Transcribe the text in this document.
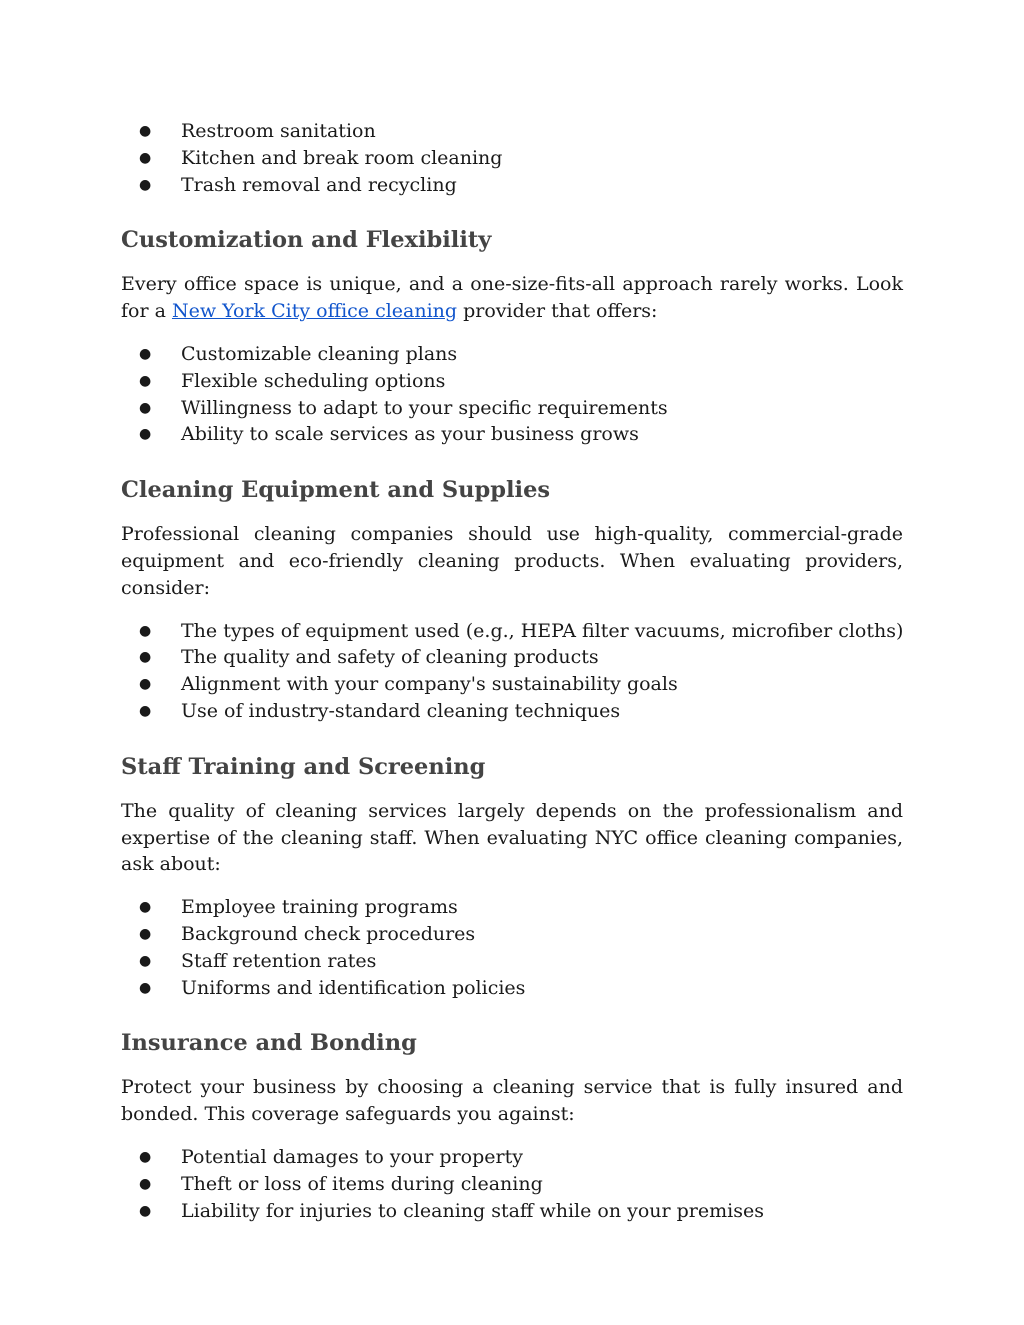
● Restroom sanitation
● Kitchen and break room cleaning
● Trash removal and recycling
Customization and Flexibility

Every office space is unique, and a one-size-fits-all approach rarely works. Look for a New York City office cleaning provider that offers:

● Customizable cleaning plans
● Flexible scheduling options
● Willingness to adapt to your specific requirements
● Ability to scale services as your business grows
Cleaning Equipment and Supplies

Professional cleaning companies should use high-quality, commercial-grade equipment and eco-friendly cleaning products. When evaluating providers, consider:

● The types of equipment used (e.g., HEPA filter vacuums, microfiber cloths)
● The quality and safety of cleaning products
● Alignment with your company's sustainability goals
● Use of industry-standard cleaning techniques
Staff Training and Screening

The quality of cleaning services largely depends on the professionalism and expertise of the cleaning staff. When evaluating NYC office cleaning companies, ask about:

● Employee training programs
● Background check procedures
● Staff retention rates
● Uniforms and identification policies
Insurance and Bonding

Protect your business by choosing a cleaning service that is fully insured and bonded. This coverage safeguards you against:

● Potential damages to your property
● Theft or loss of items during cleaning
● Liability for injuries to cleaning staff while on your premises
